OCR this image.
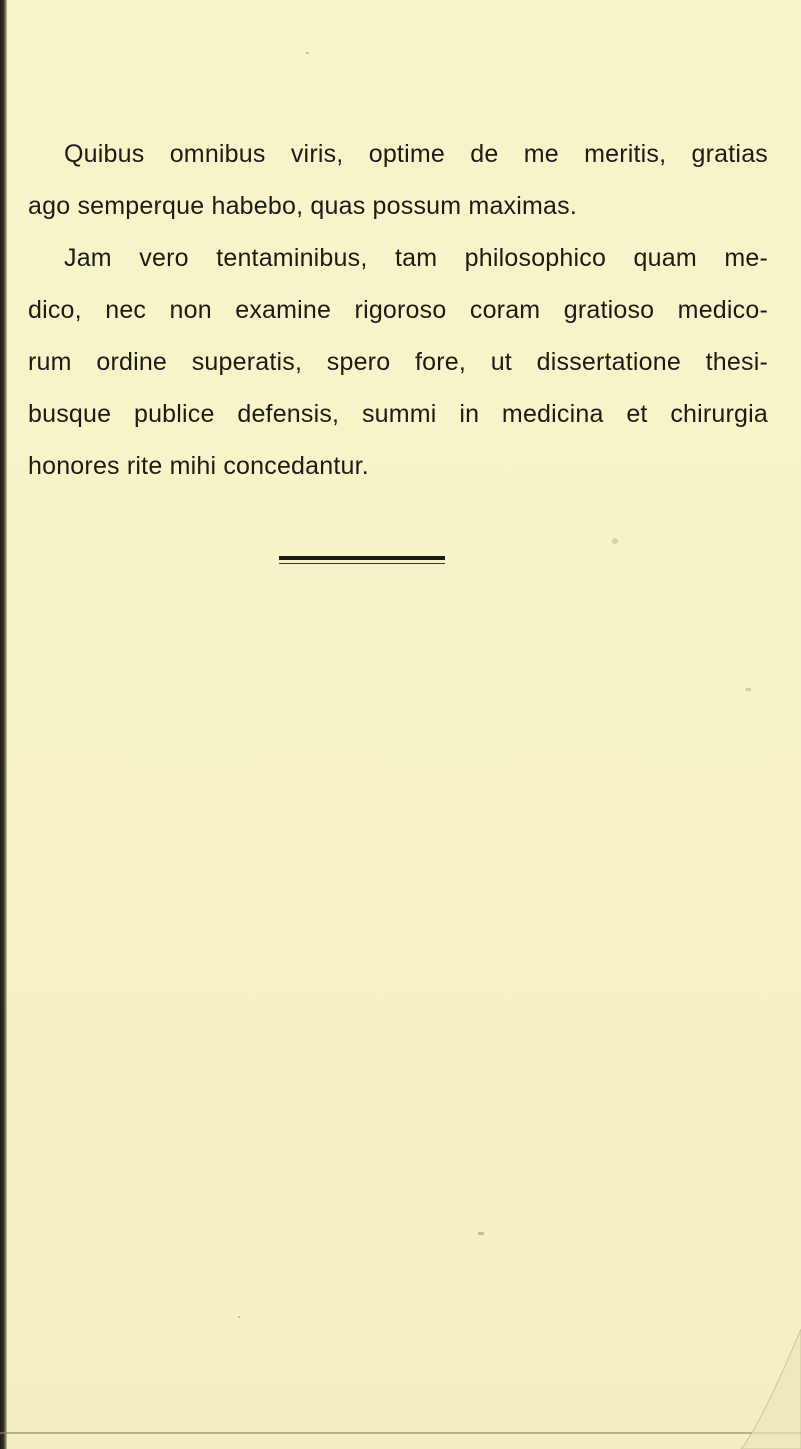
Quibus omnibus viris, optime de me meritis, gratias
ago semperque habebo, quas possum maximas.
Jam vero tentaminibus, tam philosophico quam me-
dico, nec non examine rigoroso coram gratioso medico-
rum ordine superatis, spero fore, ut dissertatione thesi-
busque publice defensis, summi in medicina et chirurgia
honores rite mihi concedantur.
